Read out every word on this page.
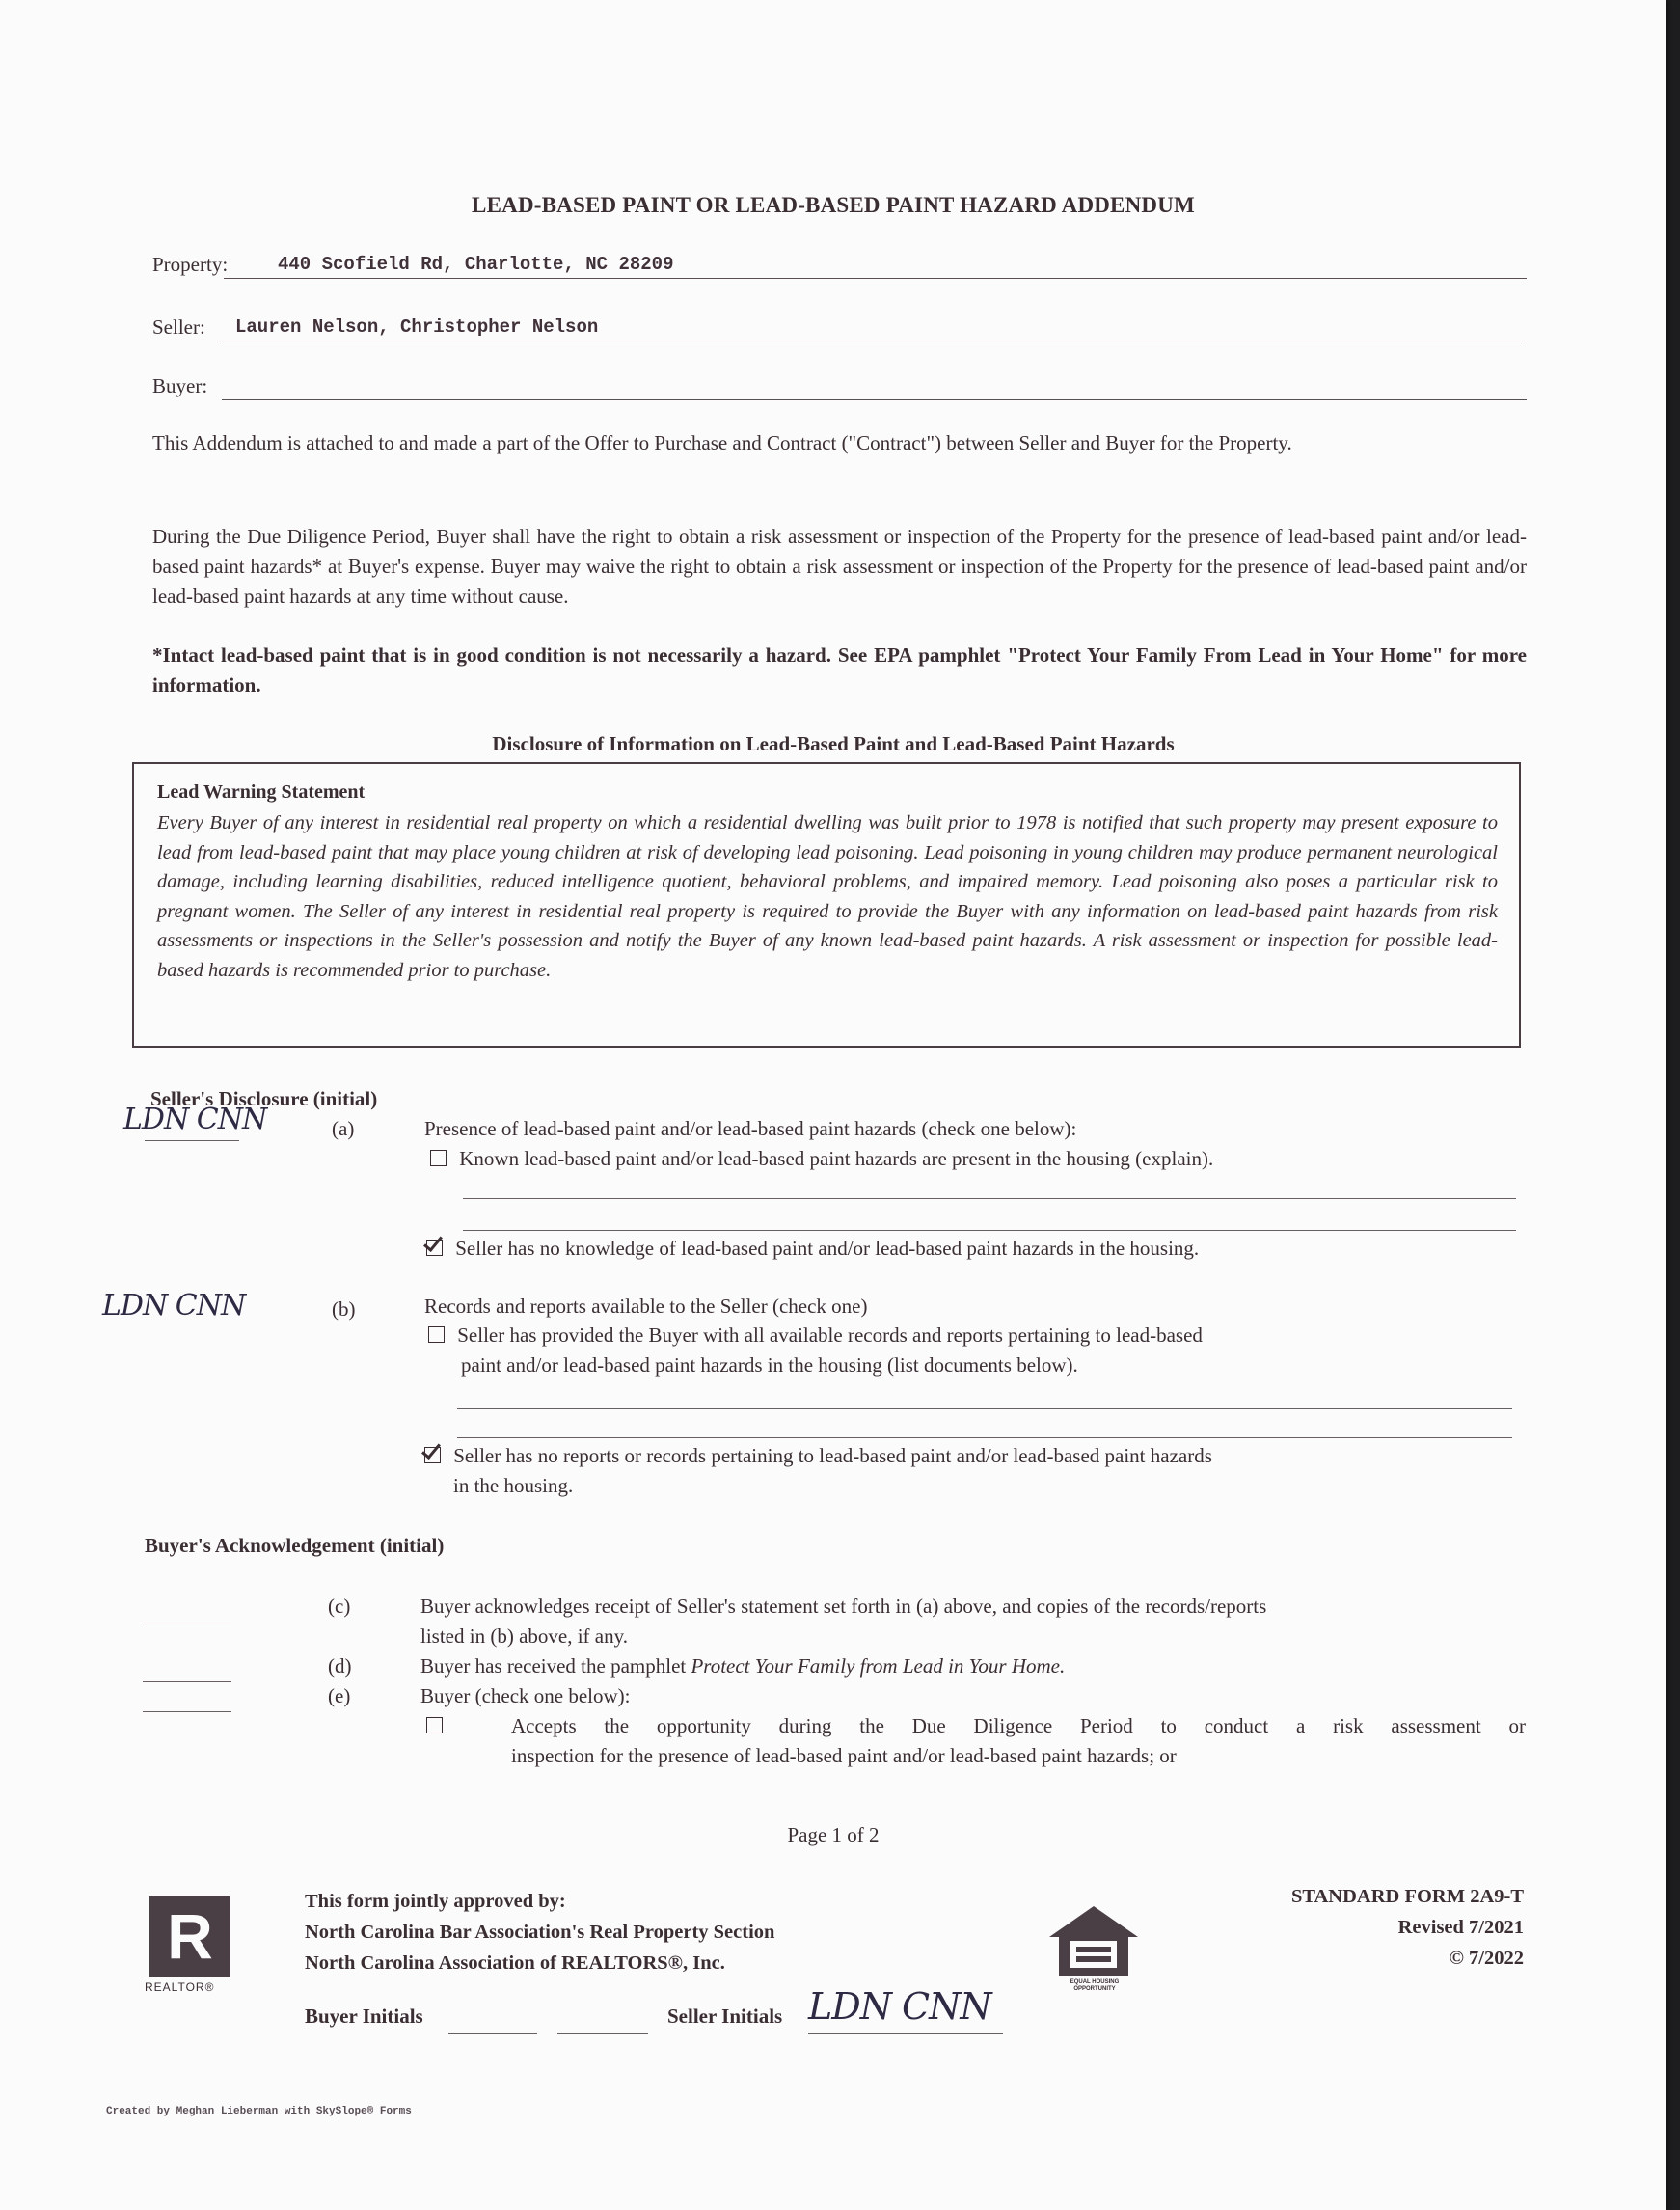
LEAD-BASED PAINT OR LEAD-BASED PAINT HAZARD ADDENDUM
Property:	440 Scofield Rd, Charlotte, NC 28209
Seller: Lauren Nelson, Christopher Nelson
Buyer:
This Addendum is attached to and made a part of the Offer to Purchase and Contract ("Contract") between Seller and Buyer for the Property.
During the Due Diligence Period, Buyer shall have the right to obtain a risk assessment or inspection of the Property for the presence of lead-based paint and/or lead-based paint hazards* at Buyer's expense. Buyer may waive the right to obtain a risk assessment or inspection of the Property for the presence of lead-based paint and/or lead-based paint hazards at any time without cause.
*Intact lead-based paint that is in good condition is not necessarily a hazard. See EPA pamphlet "Protect Your Family From Lead in Your Home" for more information.
Disclosure of Information on Lead-Based Paint and Lead-Based Paint Hazards
Lead Warning Statement
Every Buyer of any interest in residential real property on which a residential dwelling was built prior to 1978 is notified that such property may present exposure to lead from lead-based paint that may place young children at risk of developing lead poisoning. Lead poisoning in young children may produce permanent neurological damage, including learning disabilities, reduced intelligence quotient, behavioral problems, and impaired memory. Lead poisoning also poses a particular risk to pregnant women. The Seller of any interest in residential real property is required to provide the Buyer with any information on lead-based paint hazards from risk assessments or inspections in the Seller's possession and notify the Buyer of any known lead-based paint hazards. A risk assessment or inspection for possible lead-based hazards is recommended prior to purchase.
Seller's Disclosure (initial)
LDN CNN	(a)	Presence of lead-based paint and/or lead-based paint hazards (check one below):
Known lead-based paint and/or lead-based paint hazards are present in the housing (explain).
Seller has no knowledge of lead-based paint and/or lead-based paint hazards in the housing.
LDN CNN	(b)	Records and reports available to the Seller (check one)
Seller has provided the Buyer with all available records and reports pertaining to lead-based
paint and/or lead-based paint hazards in the housing (list documents below).
Seller has no reports or records pertaining to lead-based paint and/or lead-based paint hazards
in the housing.
Buyer's Acknowledgement (initial)
(c)	Buyer acknowledges receipt of Seller's statement set forth in (a) above, and copies of the records/reports
listed in (b) above, if any.
(d)	Buyer has received the pamphlet Protect Your Family from Lead in Your Home.
(e)	Buyer (check one below):
Accepts the opportunity during the Due Diligence Period to conduct a risk assessment or
inspection for the presence of lead-based paint and/or lead-based paint hazards; or
Page 1 of 2
R
REALTOR®
This form jointly approved by:
North Carolina Bar Association's Real Property Section
North Carolina Association of REALTORS®, Inc.
EQUAL HOUSING OPPORTUNITY
STANDARD FORM 2A9-T
Revised 7/2021
© 7/2022
Buyer Initials	Seller Initials LDN CNN
Created by Meghan Lieberman with SkySlope® Forms
